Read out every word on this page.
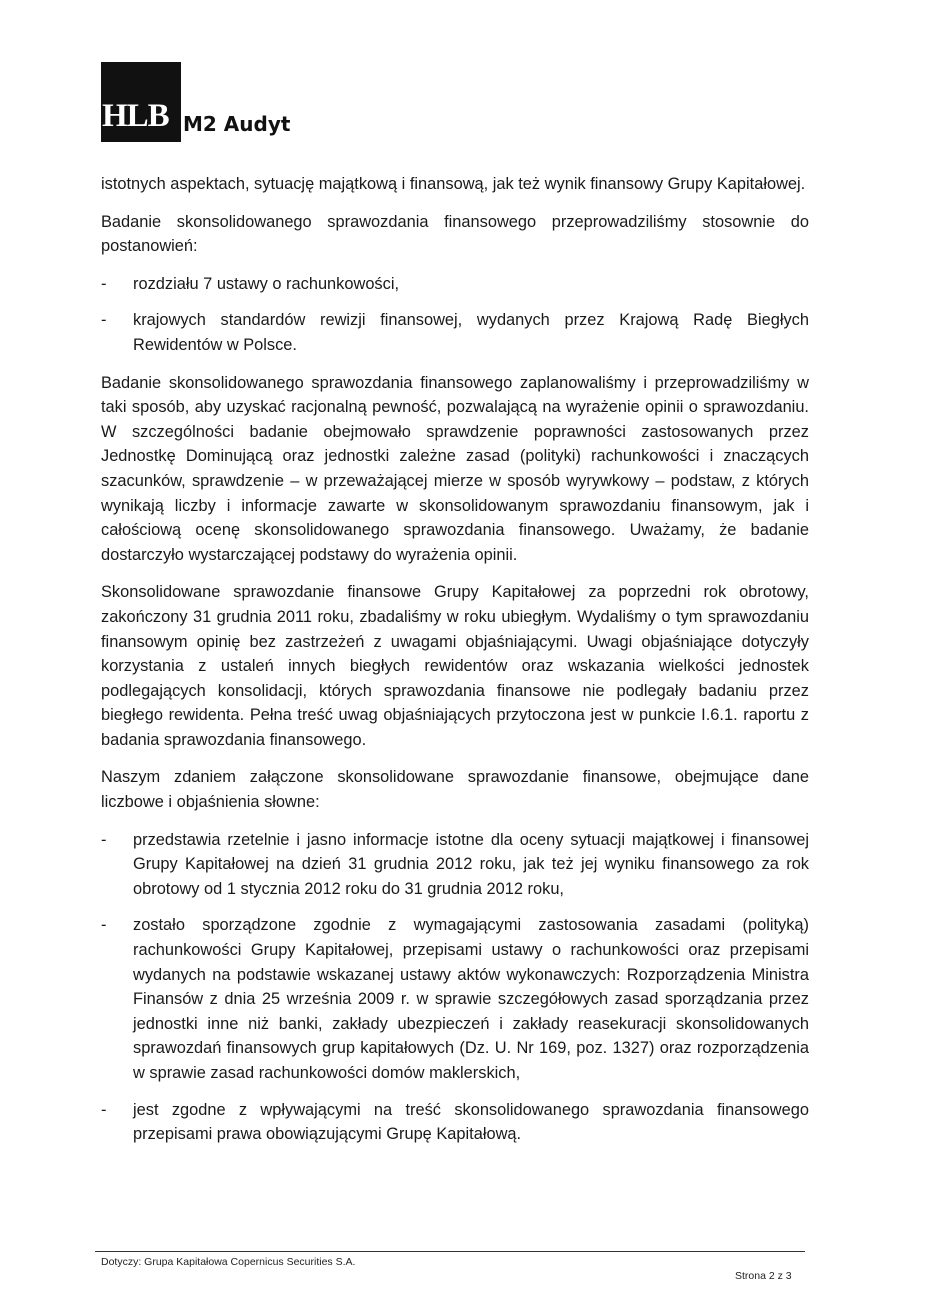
HLB M2 Audyt

istotnych aspektach, sytuację majątkową i finansową, jak też wynik finansowy Grupy Kapitałowej.

Badanie skonsolidowanego sprawozdania finansowego przeprowadziliśmy stosownie do postanowień:

- rozdziału 7 ustawy o rachunkowości,
- krajowych standardów rewizji finansowej, wydanych przez Krajową Radę Biegłych Rewidentów w Polsce.

Badanie skonsolidowanego sprawozdania finansowego zaplanowaliśmy i przeprowadziliśmy w taki sposób, aby uzyskać racjonalną pewność, pozwalającą na wyrażenie opinii o sprawozdaniu. W szczególności badanie obejmowało sprawdzenie poprawności zastosowanych przez Jednostkę Dominującą oraz jednostki zależne zasad (polityki) rachunkowości i znaczących szacunków, sprawdzenie – w przeważającej mierze w sposób wyrywkowy – podstaw, z których wynikają liczby i informacje zawarte w skonsolidowanym sprawozdaniu finansowym, jak i całościową ocenę skonsolidowanego sprawozdania finansowego. Uważamy, że badanie dostarczyło wystarczającej podstawy do wyrażenia opinii.

Skonsolidowane sprawozdanie finansowe Grupy Kapitałowej za poprzedni rok obrotowy, zakończony 31 grudnia 2011 roku, zbadaliśmy w roku ubiegłym. Wydaliśmy o tym sprawozdaniu finansowym opinię bez zastrzeżeń z uwagami objaśniającymi. Uwagi objaśniające dotyczyły korzystania z ustaleń innych biegłych rewidentów oraz wskazania wielkości jednostek podlegających konsolidacji, których sprawozdania finansowe nie podlegały badaniu przez biegłego rewidenta. Pełna treść uwag objaśniających przytoczona jest w punkcie I.6.1. raportu z badania sprawozdania finansowego.

Naszym zdaniem załączone skonsolidowane sprawozdanie finansowe, obejmujące dane liczbowe i objaśnienia słowne:

- przedstawia rzetelnie i jasno informacje istotne dla oceny sytuacji majątkowej i finansowej Grupy Kapitałowej na dzień 31 grudnia 2012 roku, jak też jej wyniku finansowego za rok obrotowy od 1 stycznia 2012 roku do 31 grudnia 2012 roku,
- zostało sporządzone zgodnie z wymagającymi zastosowania zasadami (polityką) rachunkowości Grupy Kapitałowej, przepisami ustawy o rachunkowości oraz przepisami wydanych na podstawie wskazanej ustawy aktów wykonawczych: Rozporządzenia Ministra Finansów z dnia 25 września 2009 r. w sprawie szczegółowych zasad sporządzania przez jednostki inne niż banki, zakłady ubezpieczeń i zakłady reasekuracji skonsolidowanych sprawozdań finansowych grup kapitałowych (Dz. U. Nr 169, poz. 1327) oraz rozporządzenia w sprawie zasad rachunkowości domów maklerskich,
- jest zgodne z wpływającymi na treść skonsolidowanego sprawozdania finansowego przepisami prawa obowiązującymi Grupę Kapitałową.
Dotyczy: Grupa Kapitałowa Copernicus Securities S.A.
Strona 2 z 3
